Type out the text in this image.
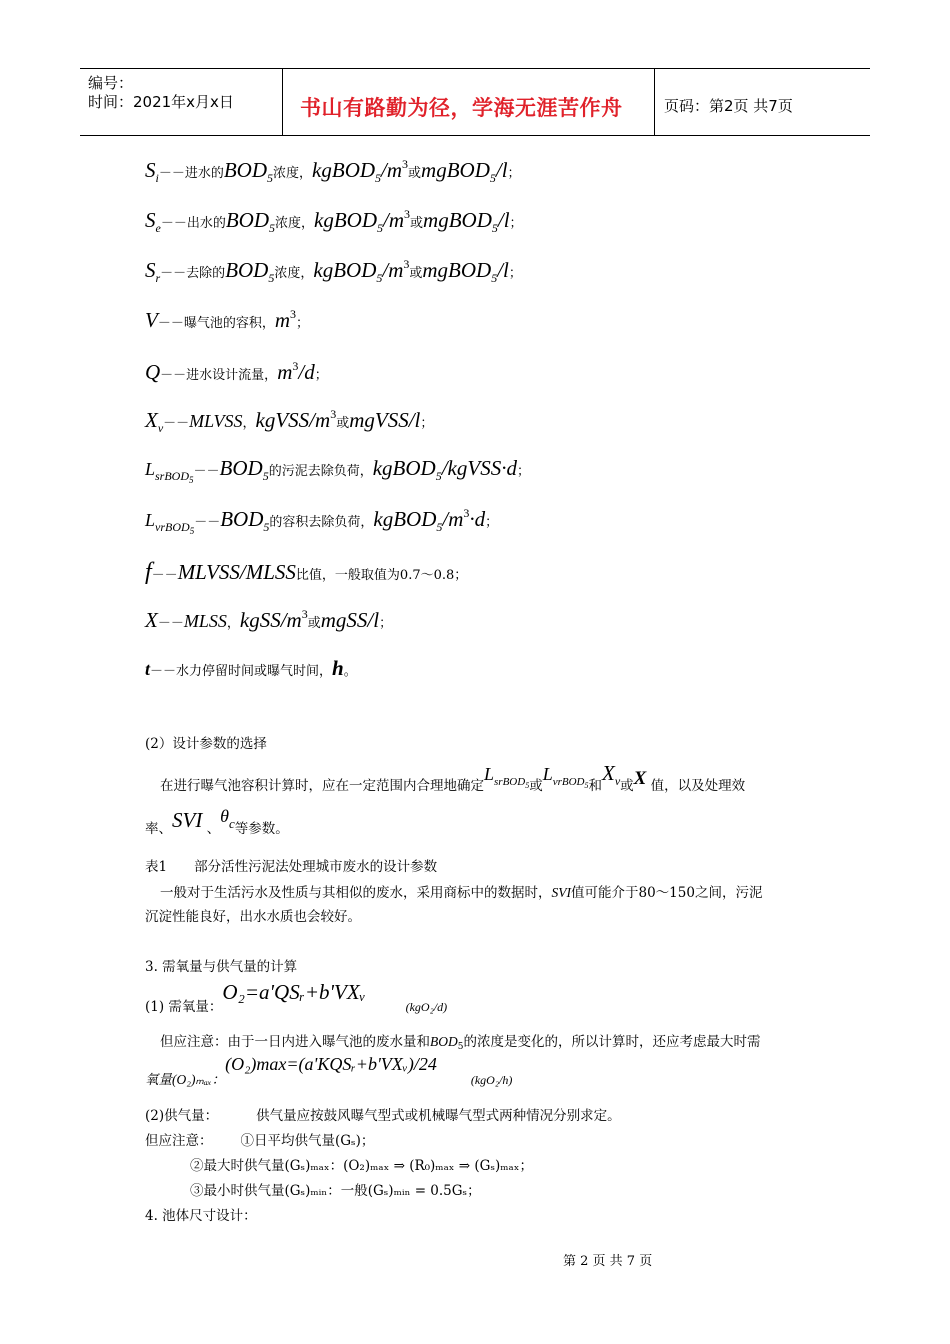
编号：
时间：2021年x月x日	书山有路勤为径，学海无涯苦作舟	页码：第2页 共7页
Si－－进水的BOD5浓度，kgBOD5/m3或mgBOD5/l；
Se－－出水的BOD5浓度，kgBOD5/m3或mgBOD5/l；
Sr－－去除的BOD5浓度，kgBOD5/m3或mgBOD5/l；
V－－曝气池的容积，m3；
Q－－进水设计流量，m3/d；
Xv－－MLVSS，kgVSS/m3或mgVSS/l；
LsrBOD$_5$－－BOD5的污泥去除负荷，kgBOD5/kgVSS·d；
LvrBOD$_5$－－BOD5的容积去除负荷，kgBOD5/m3·d；
f－－MLVSS/MLSS比值，一般取值为0.7～0.8；
X－－MLSS，kgSS/m3或mgSS/l；
t－－水力停留时间或曝气时间，h。
(2）设计参数的选择
在进行曝气池容积计算时，应在一定范围内合理地确定$L_{srBOD5}$或$L_{vrBOD5}$和Xv或X 值，以及处理效
率、SVI 、θc等参数。
表1　　部分活性污泥法处理城市废水的设计参数
一般对于生活污水及性质与其相似的废水，采用商标中的数据时，SVI值可能介于80～150之间，污泥
沉淀性能良好，出水水质也会较好。
3. 需氧量与供气量的计算
(1) 需氧量：O₂=a'QSᵣ+b'VXᵥ(kgO₂/d)
但应注意：由于一日内进入曝气池的废水量和$BOD_5$的浓度是变化的，所以计算时，还应考虑最大时需
氧量(O₂)ₘₐₓ：(O₂)max=(a'KQSᵣ+b'VXᵥ)/24(kgO₂/h)
(2)供气量：	供气量应按鼓风曝气型式或机械曝气型式两种情况分别求定。
但应注意： ①日平均供气量(Gₛ)；
②最大时供气量(Gₛ)ₘₐₓ：(O₂)ₘₐₓ ⇒ (R₀)ₘₐₓ ⇒ (Gₛ)ₘₐₓ；
③最小时供气量(Gₛ)ₘᵢₙ：一般(Gₛ)ₘᵢₙ = 0.5Gₛ；
4. 池体尺寸设计：
第 2 页 共 7 页
